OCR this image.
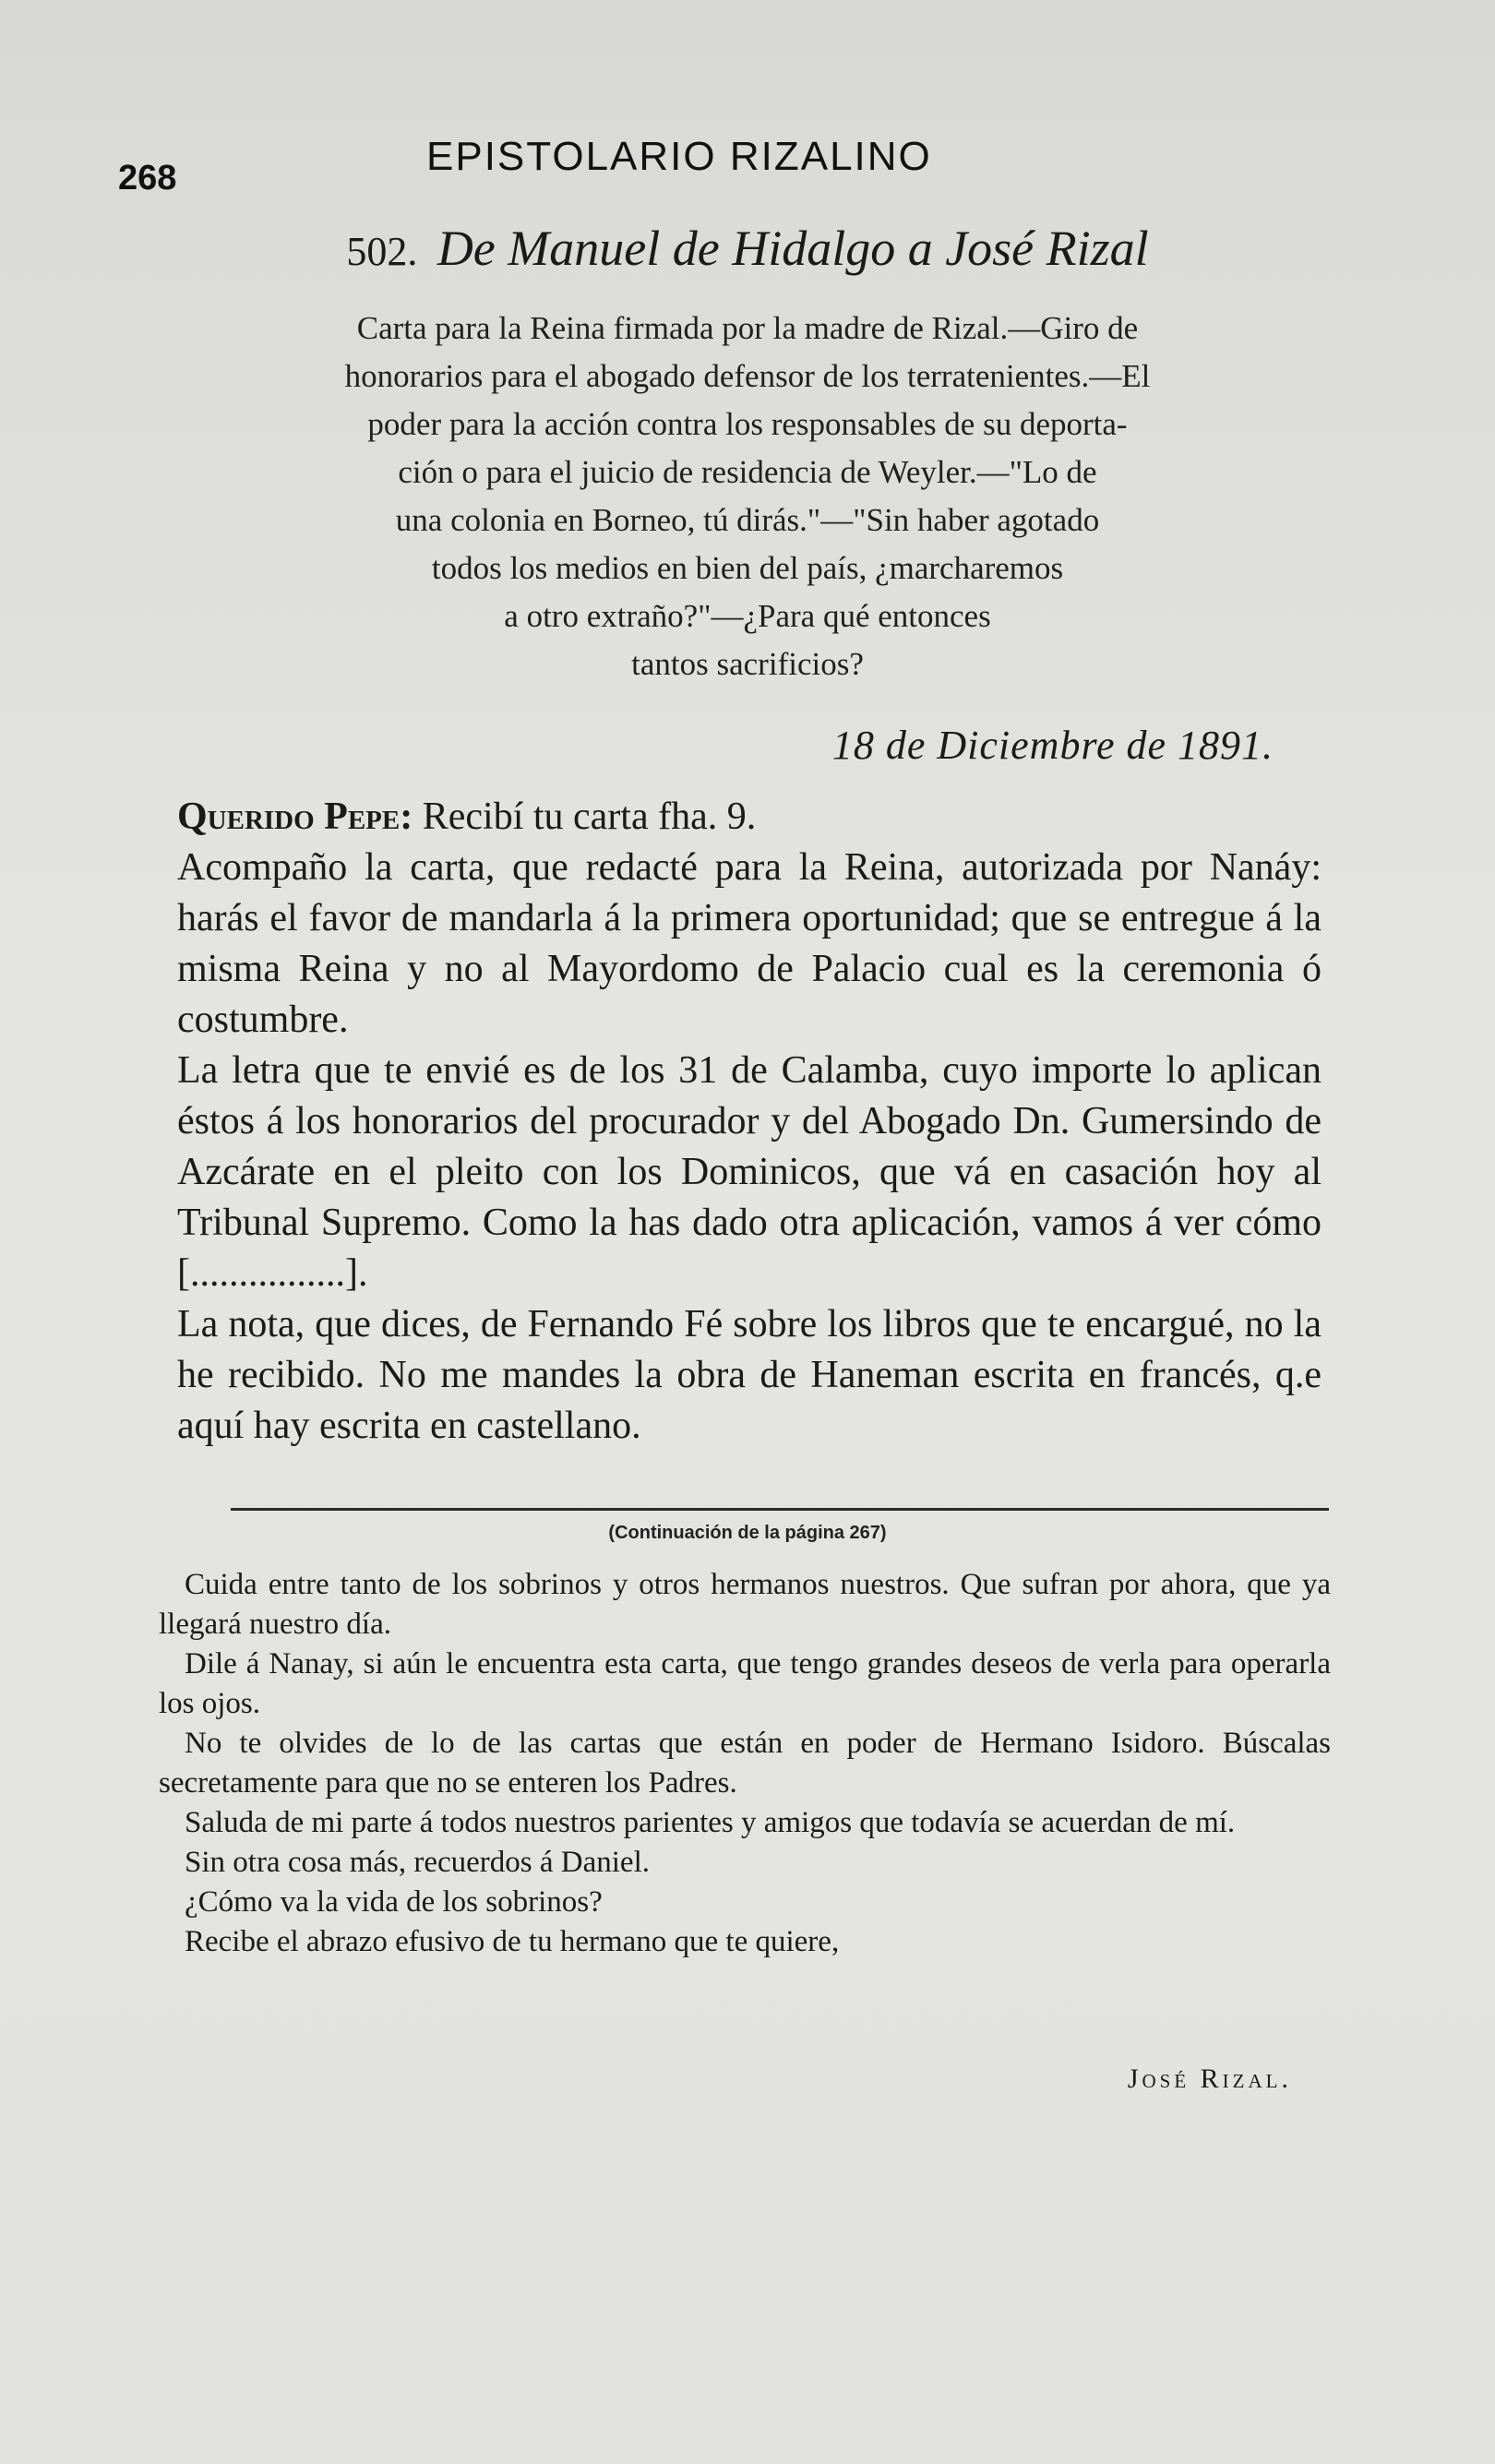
268	EPISTOLARIO RIZALINO
502. De Manuel de Hidalgo a José Rizal
Carta para la Reina firmada por la madre de Rizal.—Giro de
honorarios para el abogado defensor de los terratenientes.—El
poder para la acción contra los responsables de su deporta-
ción o para el juicio de residencia de Weyler.—"Lo de
una colonia en Borneo, tú dirás."—"Sin haber agotado
todos los medios en bien del país, ¿marcharemos
a otro extraño?"—¿Para qué entonces
tantos sacrificios?
18 de Diciembre de 1891.

Querido Pepe: Recibí tu carta fha. 9.

Acompaño la carta, que redacté para la Reina, autorizada por Nanáy: harás el favor de mandarla á la primera oportunidad; que se entregue á la misma Reina y no al Mayordomo de Palacio cual es la ceremonia ó costumbre.

La letra que te envié es de los 31 de Calamba, cuyo importe lo aplican éstos á los honorarios del procurador y del Abogado Dn. Gumersindo de Azcárate en el pleito con los Dominicos, que vá en casación hoy al Tribunal Supremo. Como la has dado otra aplicación, vamos á ver cómo [................].

La nota, que dices, de Fernando Fé sobre los libros que te encargué, no la he recibido. No me mandes la obra de Haneman escrita en francés, q.e aquí hay escrita en castellano.

(Continuación de la página 267)

Cuida entre tanto de los sobrinos y otros hermanos nuestros. Que sufran por ahora, que ya llegará nuestro día.

Dile á Nanay, si aún le encuentra esta carta, que tengo grandes deseos de verla para operarla los ojos.

No te olvides de lo de las cartas que están en poder de Hermano Isidoro. Búscalas secretamente para que no se enteren los Padres.

Saluda de mi parte á todos nuestros parientes y amigos que todavía se acuerdan de mí.

Sin otra cosa más, recuerdos á Daniel.

¿Cómo va la vida de los sobrinos?

Recibe el abrazo efusivo de tu hermano que te quiere,

José Rizal.
